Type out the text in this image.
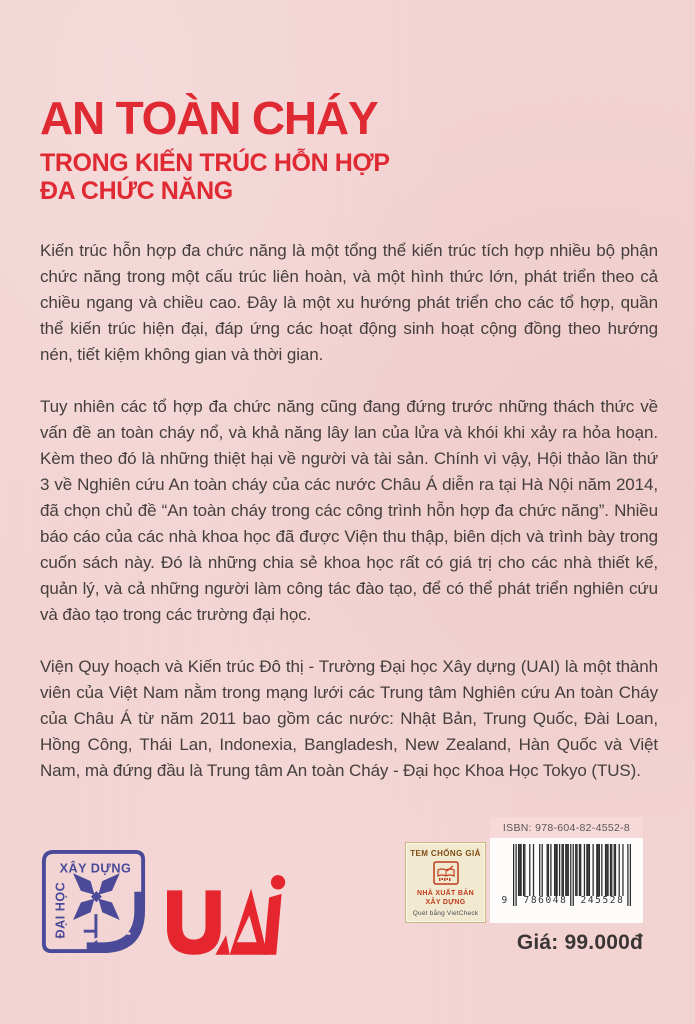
AN TOÀN CHÁY
TRONG KIẾN TRÚC HỖN HỢP
ĐA CHỨC NĂNG

Kiến trúc hỗn hợp đa chức năng là một tổng thể kiến trúc tích hợp nhiều bộ phận chức năng trong một cấu trúc liên hoàn, và một hình thức lớn, phát triển theo cả chiều ngang và chiều cao. Đây là một xu hướng phát triển cho các tổ hợp, quần thể kiến trúc hiện đại, đáp ứng các hoạt động sinh hoạt cộng đồng theo hướng nén, tiết kiệm không gian và thời gian.

Tuy nhiên các tổ hợp đa chức năng cũng đang đứng trước những thách thức về vấn đề an toàn cháy nổ, và khả năng lây lan của lửa và khói khi xảy ra hỏa hoạn. Kèm theo đó là những thiệt hại về người và tài sản. Chính vì vậy, Hội thảo lần thứ 3 về Nghiên cứu An toàn cháy của các nước Châu Á diễn ra tại Hà Nội năm 2014, đã chọn chủ đề “An toàn cháy trong các công trình hỗn hợp đa chức năng”. Nhiều báo cáo của các nhà khoa học đã được Viện thu thập, biên dịch và trình bày trong cuốn sách này. Đó là những chia sẻ khoa học rất có giá trị cho các nhà thiết kế, quản lý, và cả những người làm công tác đào tạo, để có thể phát triển nghiên cứu và đào tạo trong các trường đại học.

Viện Quy hoạch và Kiến trúc Đô thị - Trường Đại học Xây dựng (UAI) là một thành viên của Việt Nam nằm trong mạng lưới các Trung tâm Nghiên cứu An toàn Cháy của Châu Á từ năm 2011 bao gồm các nước: Nhật Bản, Trung Quốc, Đài Loan, Hồng Công, Thái Lan, Indonexia, Bangladesh, New Zealand, Hàn Quốc và Việt Nam, mà đứng đầu là Trung tâm An toàn Cháy - Đại học Khoa Học Tokyo (TUS).

XÂY DỰNG
ĐẠI HỌC
TEM CHỐNG GIẢ
NHÀ XUẤT BẢN
XÂY DỰNG
Quét bằng VietCheck
ISBN: 978-604-82-4552-8
9	786048	245528
Giá: 99.000đ
